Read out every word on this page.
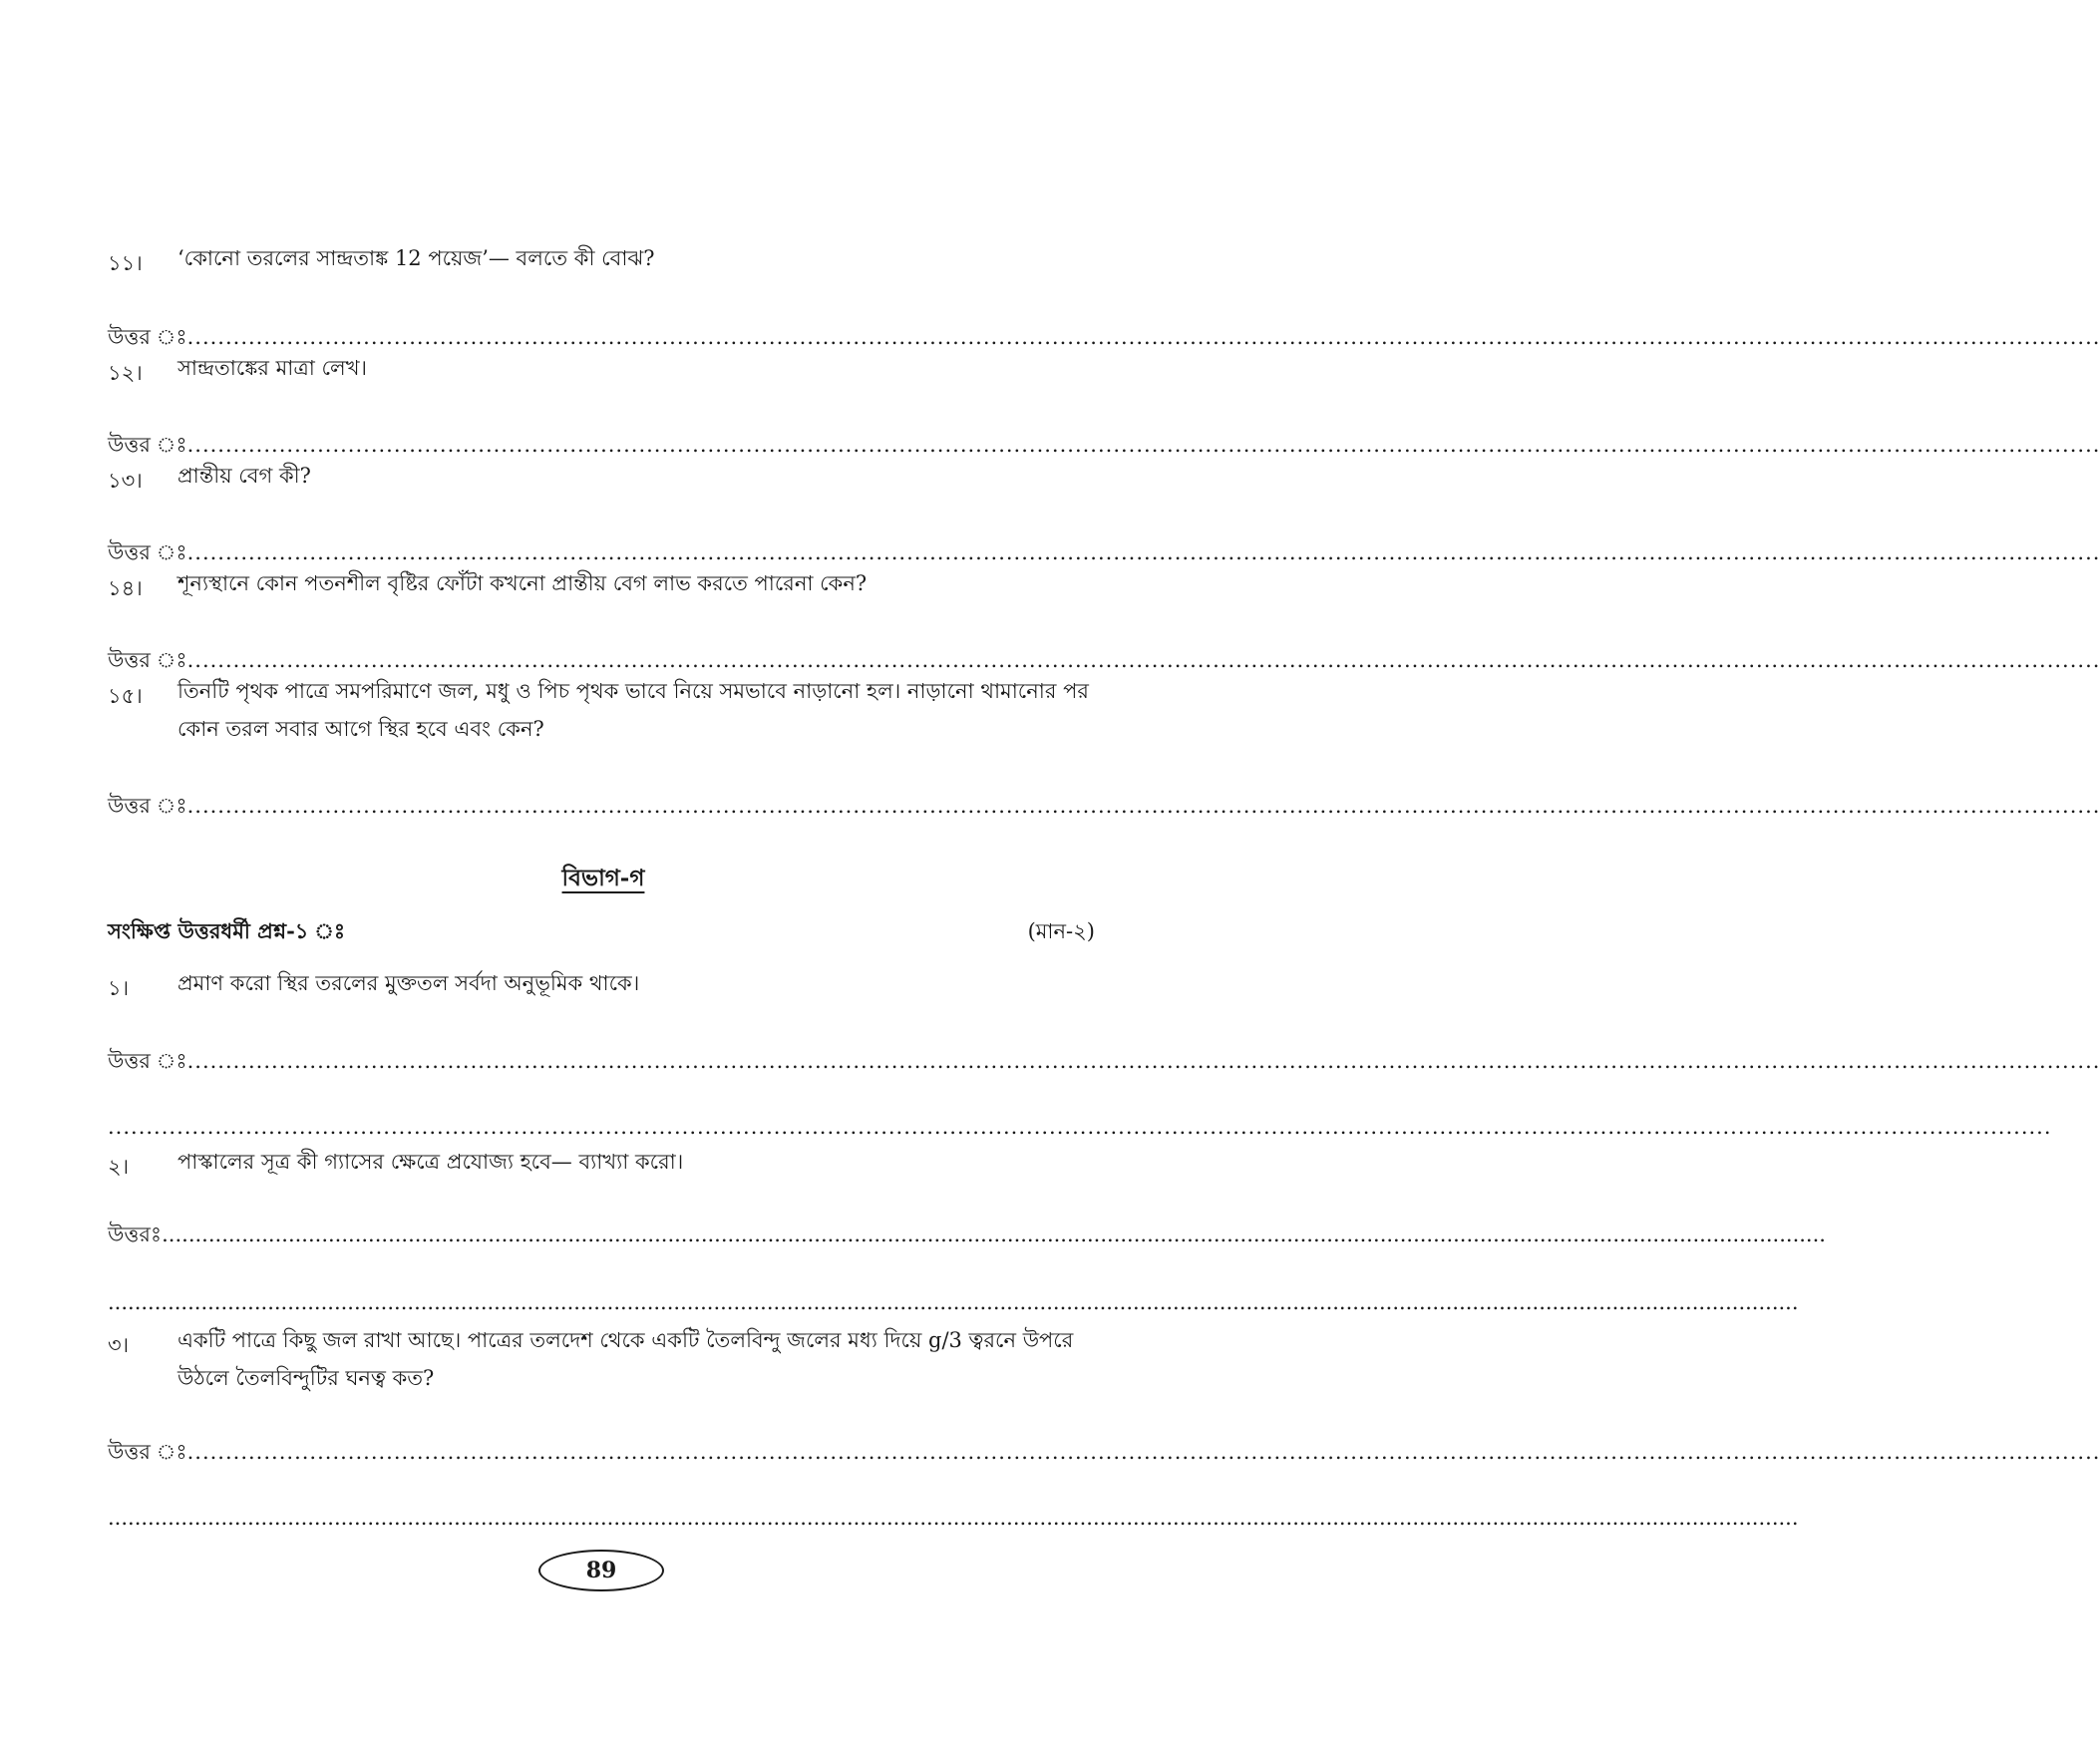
১১। ‘কোনো তরলের সান্দ্রতাঙ্ক 12 পয়েজ’— বলতে কী বোঝ?
উত্তর ঃ..........................................................................................................................................................................................................................................................
১২। সান্দ্রতাঙ্কের মাত্রা লেখ।
উত্তর ঃ..........................................................................................................................................................................................................................................................
১৩। প্রান্তীয় বেগ কী?
উত্তর ঃ..........................................................................................................................................................................................................................................................
১৪। শূন্যস্থানে কোন পতনশীল বৃষ্টির ফোঁটা কখনো প্রান্তীয় বেগ লাভ করতে পারেনা কেন?
উত্তর ঃ..........................................................................................................................................................................................................................................................
১৫। তিনটি পৃথক পাত্রে সমপরিমাণে জল, মধু ও পিচ পৃথক ভাবে নিয়ে সমভাবে নাড়ানো হল। নাড়ানো থামানোর পর কোন তরল সবার আগে স্থির হবে এবং কেন?
উত্তর ঃ..........................................................................................................................................................................................................................................................
বিভাগ-গ
সংক্ষিপ্ত উত্তরধর্মী প্রশ্ন-১ ঃ	(মান-২)
১। প্রমাণ করো স্থির তরলের মুক্ততল সর্বদা অনুভূমিক থাকে।
উত্তর ঃ..........................................................................................................................................................................................................................................................
..............................................................................................................................................................................................................................................................
২। পাস্কালের সূত্র কী গ্যাসের ক্ষেত্রে প্রযোজ্য হবে— ব্যাখ্যা করো।
উত্তরঃ..........................................................................................................................................................................................................................................................
..............................................................................................................................................................................................................................................................
৩। একটি পাত্রে কিছু জল রাখা আছে। পাত্রের তলদেশ থেকে একটি তৈলবিন্দু জলের মধ্য দিয়ে g/3 ত্বরনে উপরে উঠলে তৈলবিন্দুটির ঘনত্ব কত?
উত্তর ঃ..........................................................................................................................................................................................................................................................
..............................................................................................................................................................................................................................................................
89
